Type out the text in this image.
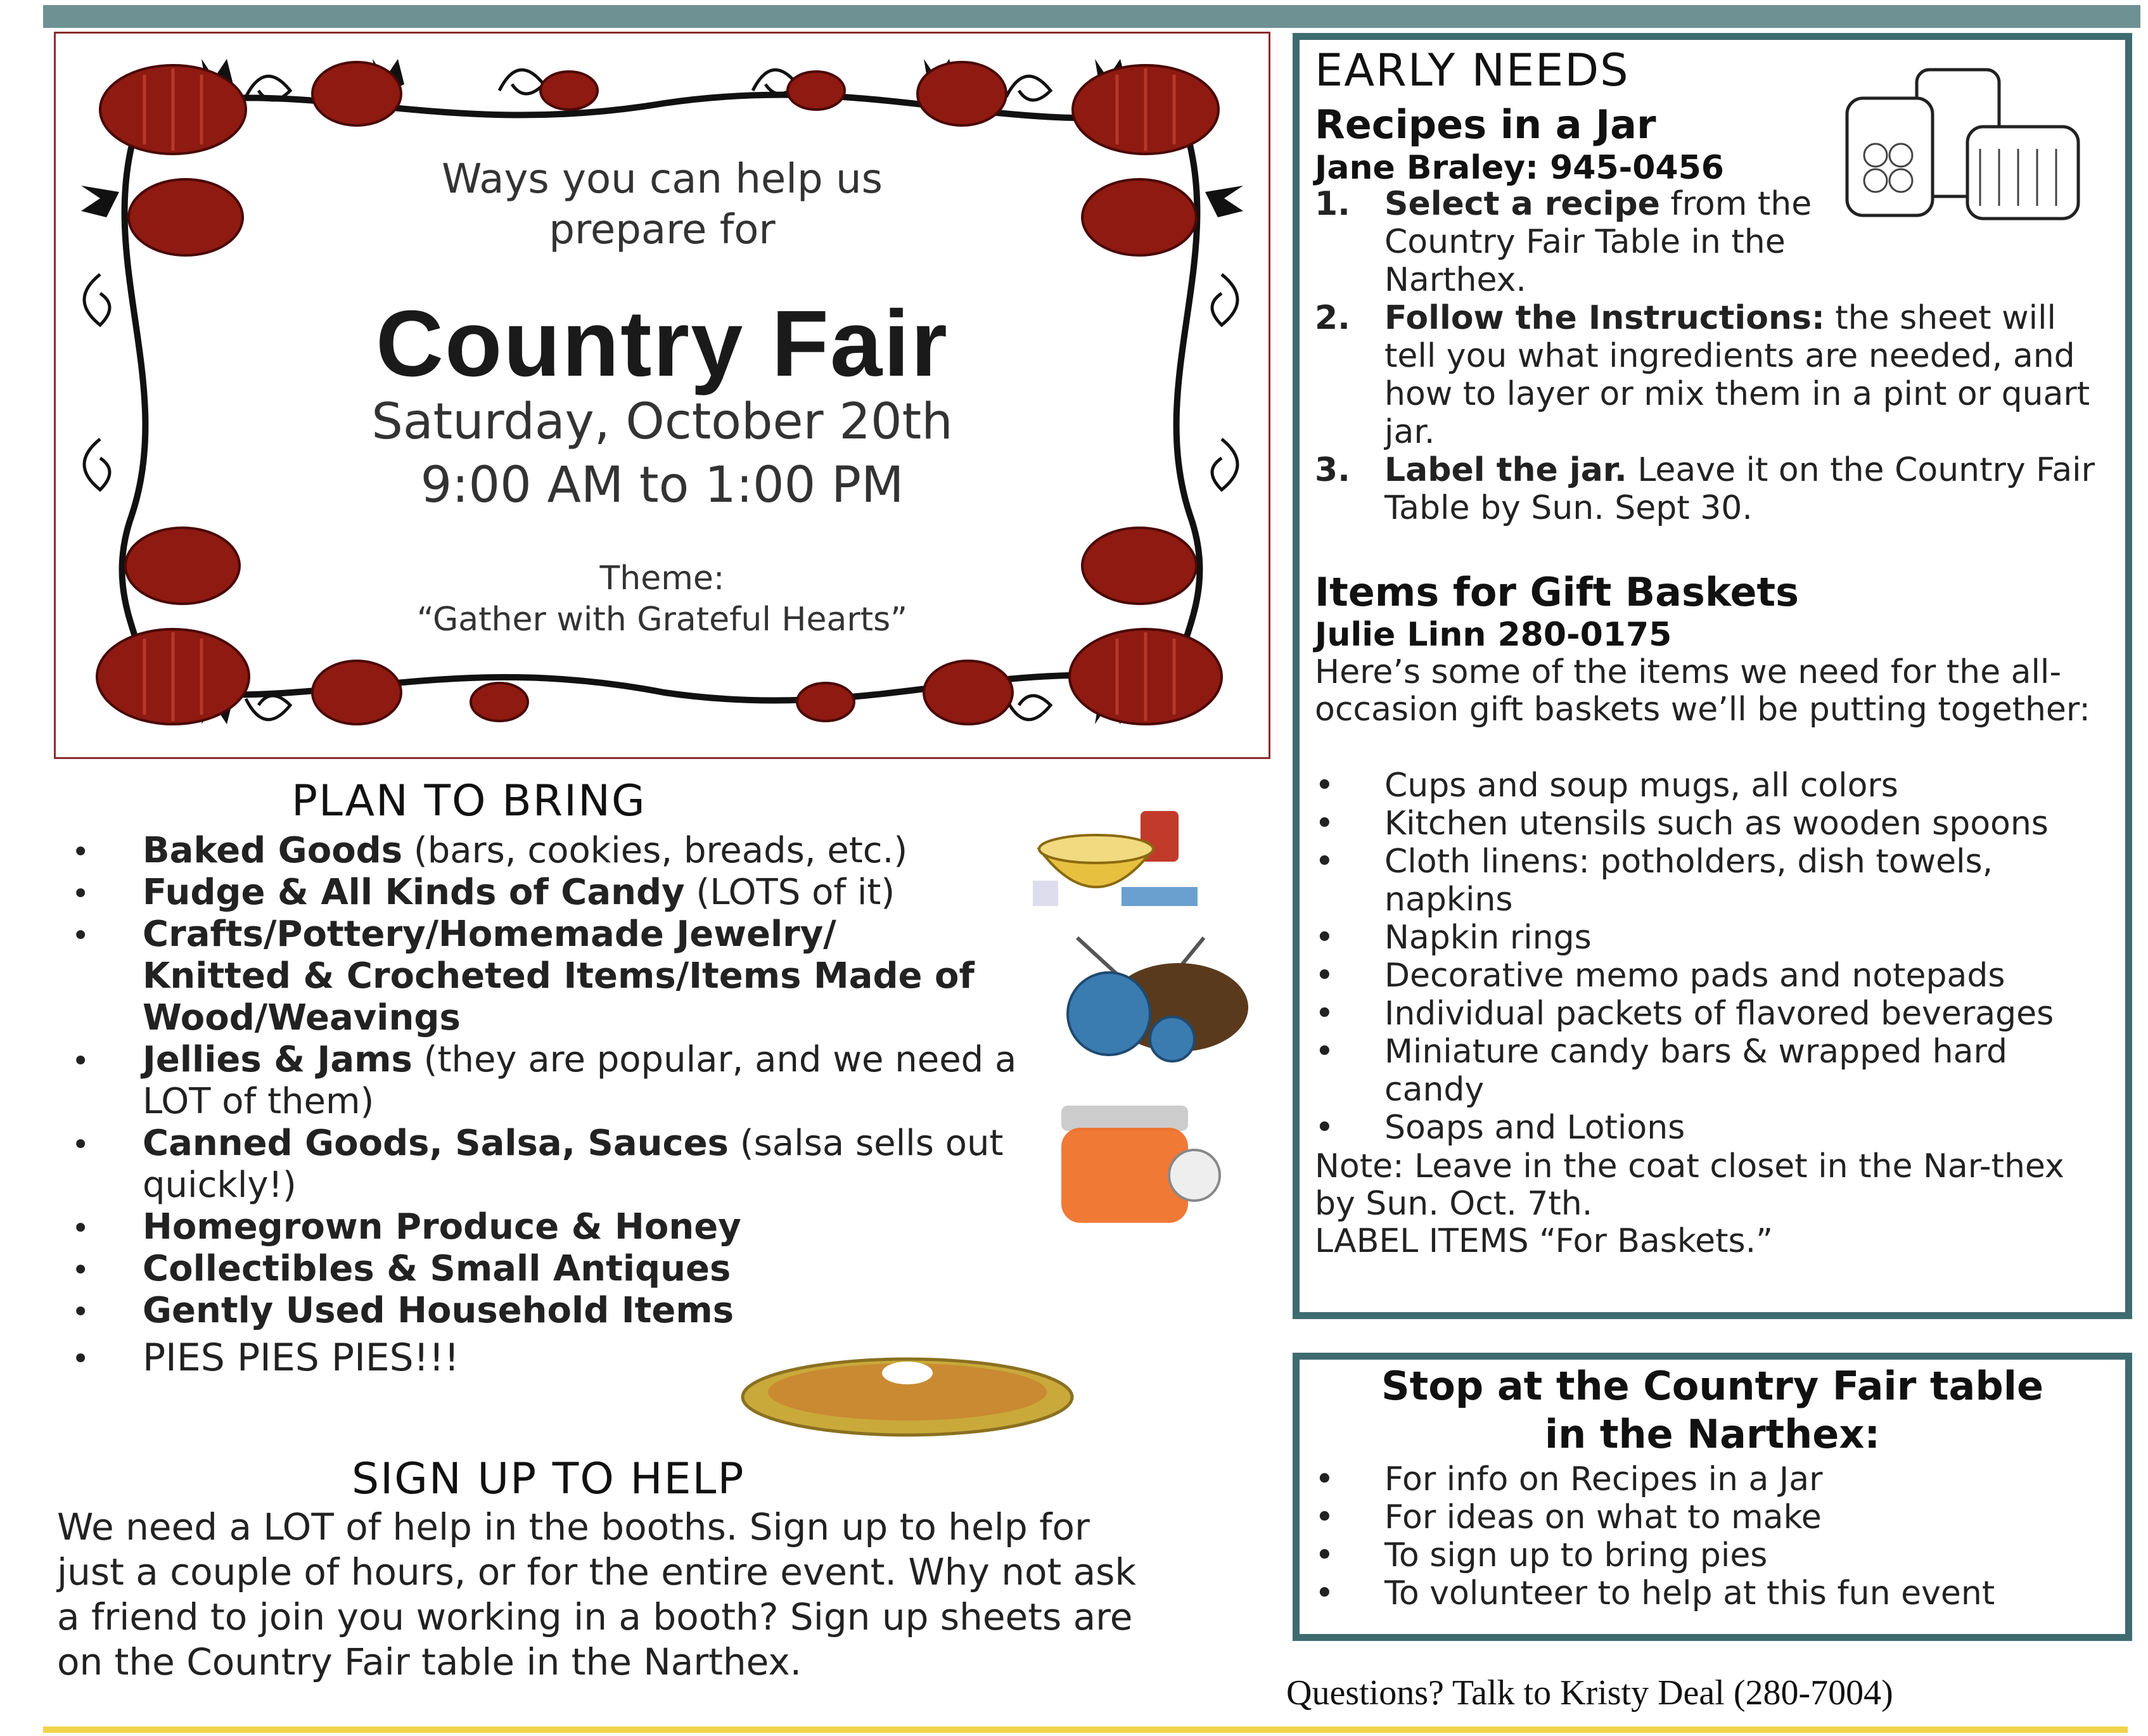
Ways you can help us
prepare for
Country Fair
Saturday, October 20th
9:00 AM to 1:00 PM
Theme:
“Gather with Grateful Hearts”
PLAN TO BRING
• Baked Goods (bars, cookies, breads, etc.)
• Fudge & All Kinds of Candy (LOTS of it)
• Crafts/Pottery/Homemade Jewelry/ Knitted & Crocheted Items/Items Made of Wood/Weavings
• Jellies & Jams (they are popular, and we need a LOT of them)
• Canned Goods, Salsa, Sauces (salsa sells out quickly!)
• Homegrown Produce & Honey
• Collectibles & Small Antiques
• Gently Used Household Items
• PIES PIES PIES!!!
SIGN UP TO HELP
We need a LOT of help in the booths. Sign up to help for just a couple of hours, or for the entire event. Why not ask a friend to join you working in a booth? Sign up sheets are on the Country Fair table in the Narthex.
EARLY NEEDS
Recipes in a Jar
Jane Braley: 945-0456
1. Select a recipe from the Country Fair Table in the Narthex.
2. Follow the Instructions: the sheet will tell you what ingredients are needed, and how to layer or mix them in a pint or quart jar.
3. Label the jar. Leave it on the Country Fair Table by Sun. Sept 30.
Items for Gift Baskets
Julie Linn 280-0175
Here’s some of the items we need for the all-occasion gift baskets we’ll be putting together:
• Cups and soup mugs, all colors
• Kitchen utensils such as wooden spoons
• Cloth linens: potholders, dish towels, napkins
• Napkin rings
• Decorative memo pads and notepads
• Individual packets of flavored beverages
• Miniature candy bars & wrapped hard candy
• Soaps and Lotions
Note: Leave in the coat closet in the Nar-thex by Sun. Oct. 7th.
LABEL ITEMS “For Baskets.”
Stop at the Country Fair table
in the Narthex:
• For info on Recipes in a Jar
• For ideas on what to make
• To sign up to bring pies
• To volunteer to help at this fun event
Questions? Talk to Kristy Deal (280-7004)
